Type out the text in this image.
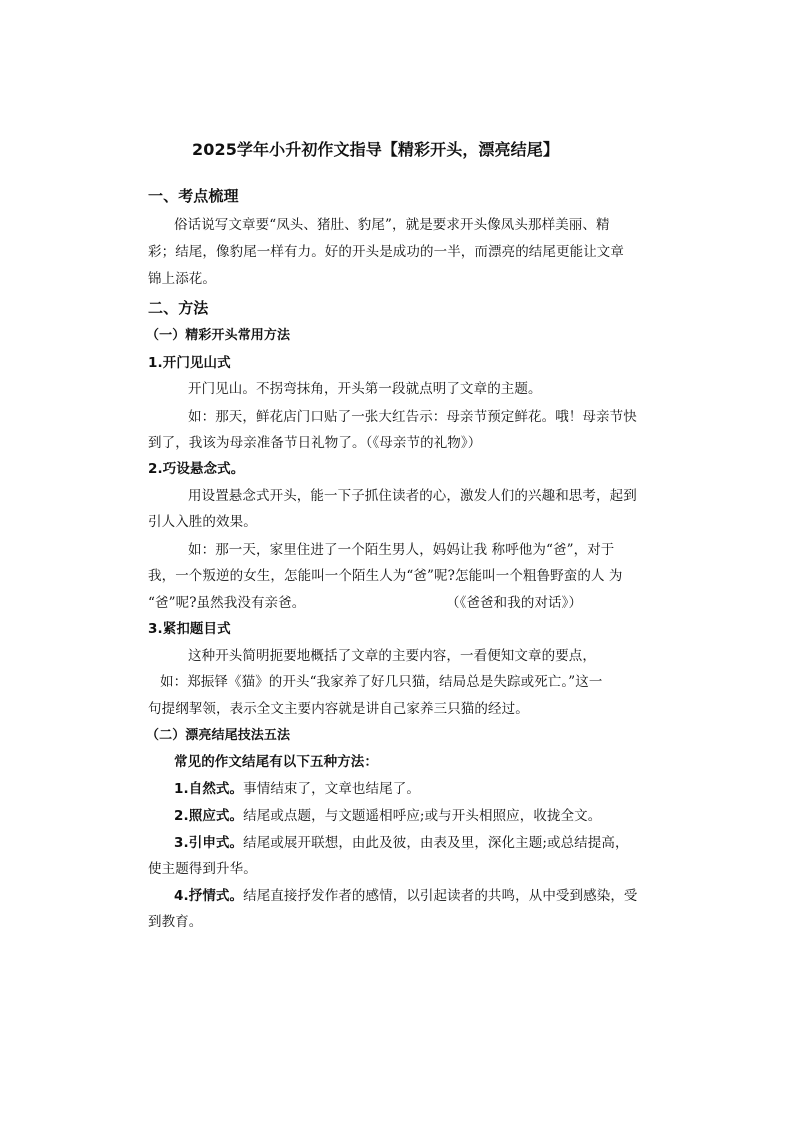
2025学年小升初作文指导【精彩开头，漂亮结尾】
一、考点梳理
俗话说写文章要“凤头、猪肚、豹尾”，就是要求开头像凤头那样美丽、精
彩；结尾，像豹尾一样有力。好的开头是成功的一半，而漂亮的结尾更能让文章
锦上添花。
二、方法
（一）精彩开头常用方法
1.开门见山式
开门见山。不拐弯抹角，开头第一段就点明了文章的主题。
如：那天，鲜花店门口贴了一张大红告示：母亲节预定鲜花。哦！母亲节快
到了，我该为母亲准备节日礼物了。（《母亲节的礼物》）
2.巧设悬念式。
用设置悬念式开头，能一下子抓住读者的心，激发人们的兴趣和思考，起到
引人入胜的效果。
如：那一天，家里住进了一个陌生男人，妈妈让我 称呼他为“爸”，对于
我，一个叛逆的女生，怎能叫一个陌生人为“爸”呢?怎能叫一个粗鲁野蛮的人 为
“爸”呢?虽然我没有亲爸。	（《爸爸和我的对话》）
3.紧扣题目式
这种开头简明扼要地概括了文章的主要内容，一看便知文章的要点，
如：郑振铎《猫》的开头“我家养了好几只猫，结局总是失踪或死亡。”这一
句提纲挈领，表示全文主要内容就是讲自己家养三只猫的经过。
（二）漂亮结尾技法五法
常见的作文结尾有以下五种方法：
1.自然式。事情结束了，文章也结尾了。
2.照应式。结尾或点题，与文题遥相呼应;或与开头相照应，收拢全文。
3.引申式。结尾或展开联想，由此及彼，由表及里，深化主题;或总结提高，
使主题得到升华。
4.抒情式。结尾直接抒发作者的感情，以引起读者的共鸣，从中受到感染，受
到教育。
